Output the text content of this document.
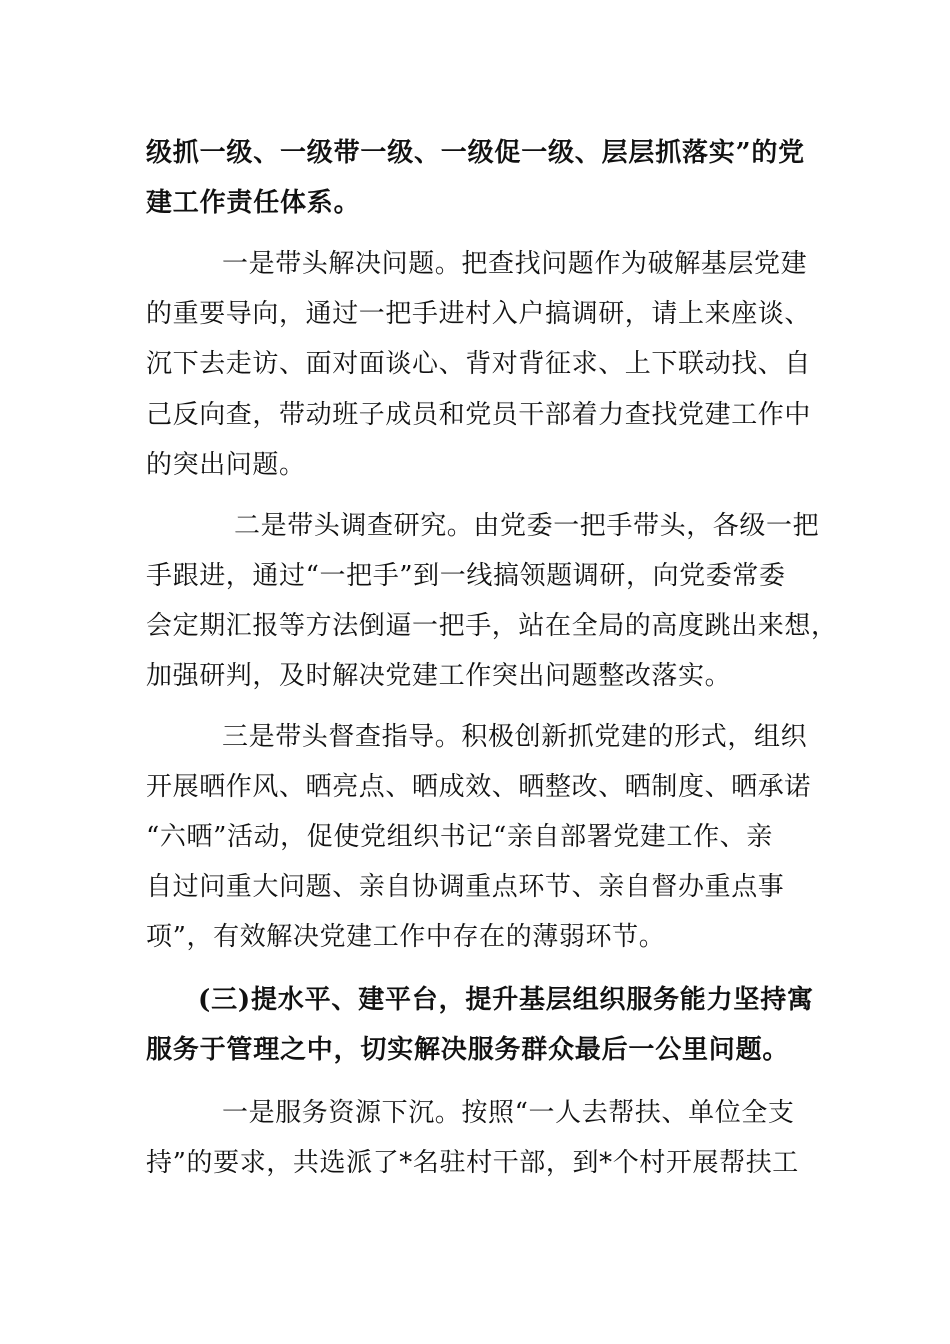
级抓一级、一级带一级、一级促一级、层层抓落实”的党
建工作责任体系。
一是带头解决问题。把查找问题作为破解基层党建
的重要导向，通过一把手进村入户搞调研，请上来座谈、
沉下去走访、面对面谈心、背对背征求、上下联动找、自
己反向查，带动班子成员和党员干部着力查找党建工作中
的突出问题。
二是带头调查研究。由党委一把手带头，各级一把
手跟进，通过“一把手”到一线搞领题调研，向党委常委
会定期汇报等方法倒逼一把手，站在全局的高度跳出来想，
加强研判，及时解决党建工作突出问题整改落实。
三是带头督查指导。积极创新抓党建的形式，组织
开展晒作风、晒亮点、晒成效、晒整改、晒制度、晒承诺
“六晒”活动，促使党组织书记“亲自部署党建工作、亲
自过问重大问题、亲自协调重点环节、亲自督办重点事
项”，有效解决党建工作中存在的薄弱环节。
(三)提水平、建平台，提升基层组织服务能力坚持寓
服务于管理之中，切实解决服务群众最后一公里问题。
一是服务资源下沉。按照“一人去帮扶、单位全支
持”的要求，共选派了*名驻村干部，到*个村开展帮扶工
